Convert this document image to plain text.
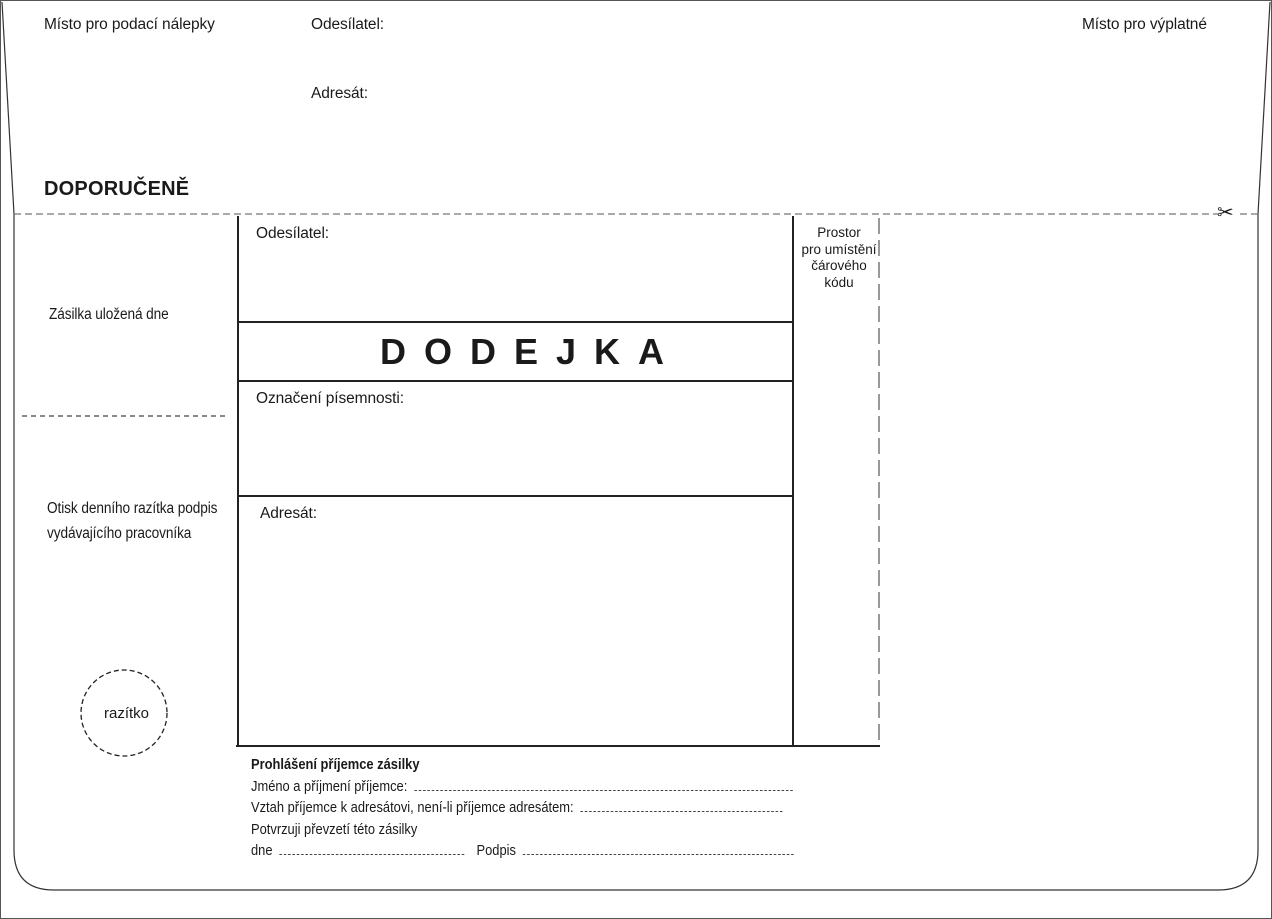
Místo pro podací nálepky	Odesílatel:
Adresát:
Místo pro výplatné
DOPORUČENĚ
✂
Zásilka uložená dne
Otisk denního razítka podpis
vydávajícího pracovníka
razítko
Odesílatel:
DODEJKA
Označení písemnosti:
Adresát:
Prostor
pro umístění
čárového
kódu
Prohlášení příjemce zásilky
Jméno a příjmení příjemce:
Vztah příjemce k adresátovi, není-li příjemce adresátem:
Potvrzuji převzetí této zásilky
dne	Podpis
